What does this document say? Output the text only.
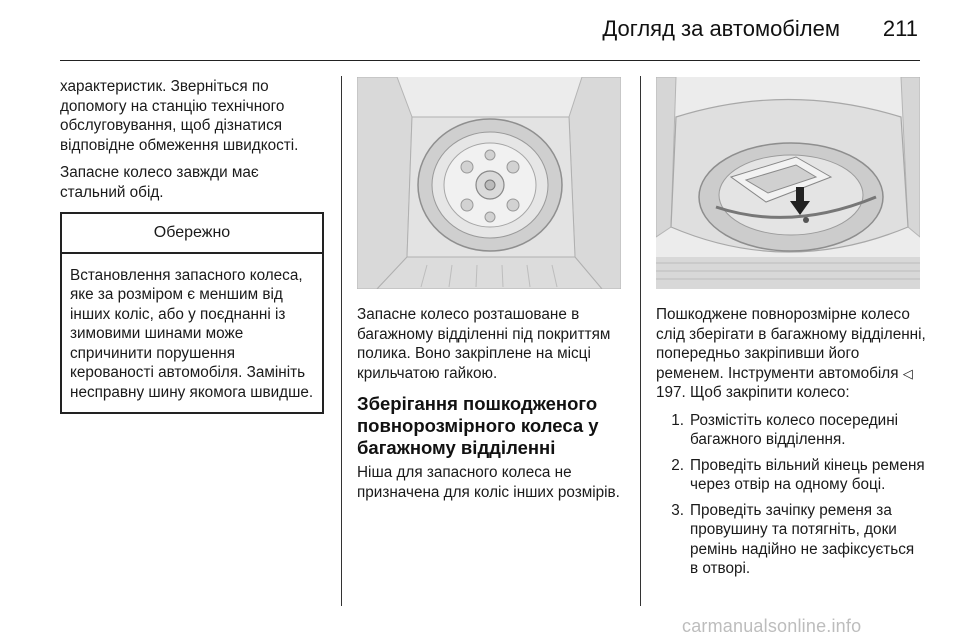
Догляд за автомобілем 211

характеристик. Зверніться по допомогу на станцію технічного обслуговування, щоб дізнатися відповідне обмеження швидкості.

Запасне колесо завжди має стальний обід.

Обережно

Встановлення запасного колеса, яке за розміром є меншим від інших коліс, або у поєднанні із зимовими шинами може спричинити порушення керованості автомобіля. Замініть несправну шину якомога швидше.

Запасне колесо розташоване в багажному відділенні під покриттям полика. Воно закріплене на місці крильчатою гайкою.

Зберігання пошкодженого повнорозмірного колеса у багажному відділенні

Ніша для запасного колеса не призначена для коліс інших розмірів.

Пошкоджене повнорозмірне колесо слід зберігати в багажному відділенні, попередньо закріпивши його ременем. Інструменти автомобіля ◁ 197. Щоб закріпити колесо:

1. Розмістіть колесо посередині багажного відділення.
2. Проведіть вільний кінець ременя через отвір на одному боці.
3. Проведіть зачіпку ременя за провушину та потягніть, доки ремінь надійно не зафіксується в отворі.
carmanualsonline.info
